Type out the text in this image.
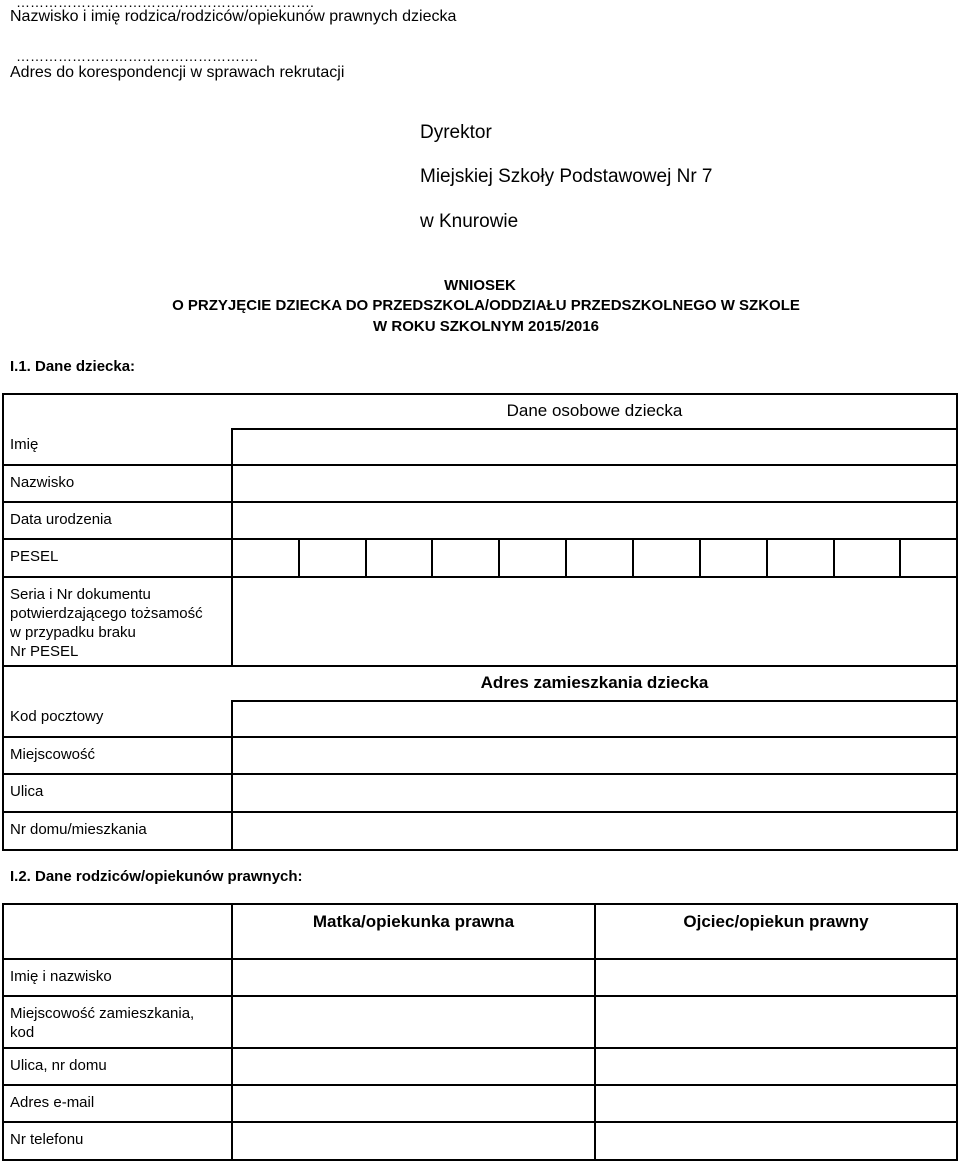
……………………………………………………….
Nazwisko i imię rodzica/rodziców/opiekunów prawnych dziecka
…………………………………………….
Adres do korespondencji w sprawach rekrutacji
Dyrektor
Miejskiej Szkoły Podstawowej Nr 7
w Knurowie
WNIOSEK
O PRZYJĘCIE DZIECKA DO PRZEDSZKOLA/ODDZIAŁU PRZEDSZKOLNEGO W SZKOLE
W ROKU SZKOLNYM 2015/2016
I.1. Dane dziecka:
Dane osobowe dziecka
Imię
Nazwisko
Data urodzenia
PESEL
Seria i Nr dokumentu
potwierdzającego tożsamość
w przypadku braku
Nr PESEL
Adres zamieszkania dziecka
Kod pocztowy
Miejscowość
Ulica
Nr domu/mieszkania
I.2. Dane rodziców/opiekunów prawnych:
Matka/opiekunka prawna	Ojciec/opiekun prawny
Imię i nazwisko
Miejscowość zamieszkania,
kod
Ulica, nr domu
Adres e-mail
Nr telefonu
